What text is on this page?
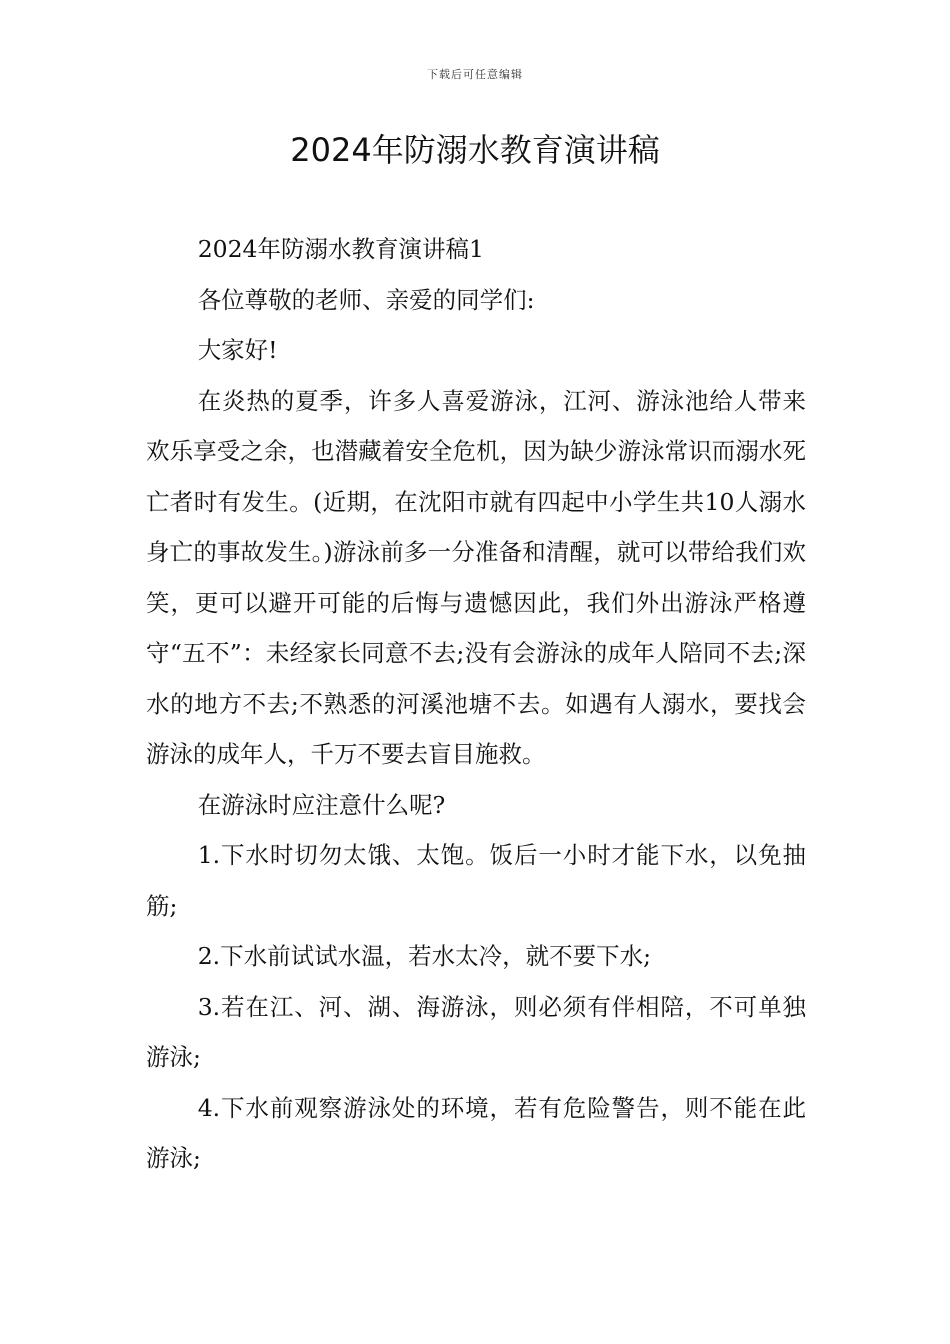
下载后可任意编辑
2024年防溺水教育演讲稿

2024年防溺水教育演讲稿1

各位尊敬的老师、亲爱的同学们:

大家好!

在炎热的夏季，许多人喜爱游泳，江河、游泳池给人带来欢乐享受之余，也潜藏着安全危机，因为缺少游泳常识而溺水死亡者时有发生。(近期，在沈阳市就有四起中小学生共10人溺水身亡的事故发生。)游泳前多一分准备和清醒，就可以带给我们欢笑，更可以避开可能的后悔与遗憾因此，我们外出游泳严格遵守“五不”：未经家长同意不去;没有会游泳的成年人陪同不去;深水的地方不去;不熟悉的河溪池塘不去。如遇有人溺水，要找会游泳的成年人，千万不要去盲目施救。

在游泳时应注意什么呢?

1.下水时切勿太饿、太饱。饭后一小时才能下水，以免抽筋;

2.下水前试试水温，若水太冷，就不要下水;

3.若在江、河、湖、海游泳，则必须有伴相陪，不可单独游泳;

4.下水前观察游泳处的环境，若有危险警告，则不能在此游泳;
